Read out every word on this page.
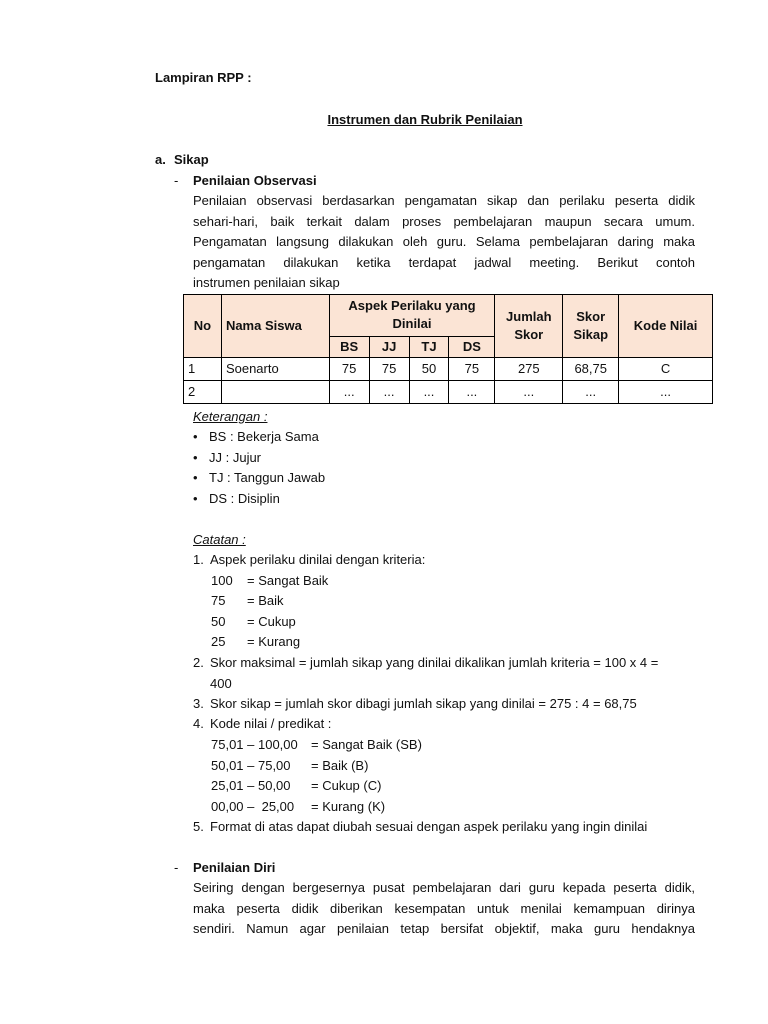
Lampiran RPP :
Instrumen dan Rubrik Penilaian
a. Sikap
- Penilaian Observasi
Penilaian observasi berdasarkan pengamatan sikap dan perilaku peserta didik
sehari-hari, baik terkait dalam proses pembelajaran maupun secara umum.
Pengamatan langsung dilakukan oleh guru. Selama pembelajaran daring maka
pengamatan dilakukan ketika terdapat jadwal meeting. Berikut contoh
instrumen penilaian sikap
No	Nama Siswa	Aspek Perilaku yang Dinilai				Jumlah Skor	Skor Sikap	Kode Nilai
		BS	JJ	TJ	DS			
1	Soenarto	75	75	50	75	275	68,75	C
2		...	...	...	...	...	...	...
Keterangan :
• BS : Bekerja Sama
• JJ : Jujur
• TJ : Tanggun Jawab
• DS : Disiplin
Catatan :
1. Aspek perilaku dinilai dengan kriteria:
100 = Sangat Baik
75 = Baik
50 = Cukup
25 = Kurang
2. Skor maksimal = jumlah sikap yang dinilai dikalikan jumlah kriteria = 100 x 4 =
400
3. Skor sikap = jumlah skor dibagi jumlah sikap yang dinilai = 275 : 4 = 68,75
4. Kode nilai / predikat :
75,01 – 100,00 = Sangat Baik (SB)
50,01 – 75,00 = Baik (B)
25,01 – 50,00 = Cukup (C)
00,00 –  25,00 = Kurang (K)
5. Format di atas dapat diubah sesuai dengan aspek perilaku yang ingin dinilai
- Penilaian Diri
Seiring dengan bergesernya pusat pembelajaran dari guru kepada peserta didik,
maka peserta didik diberikan kesempatan untuk menilai kemampuan dirinya
sendiri. Namun agar penilaian tetap bersifat objektif, maka guru hendaknya
